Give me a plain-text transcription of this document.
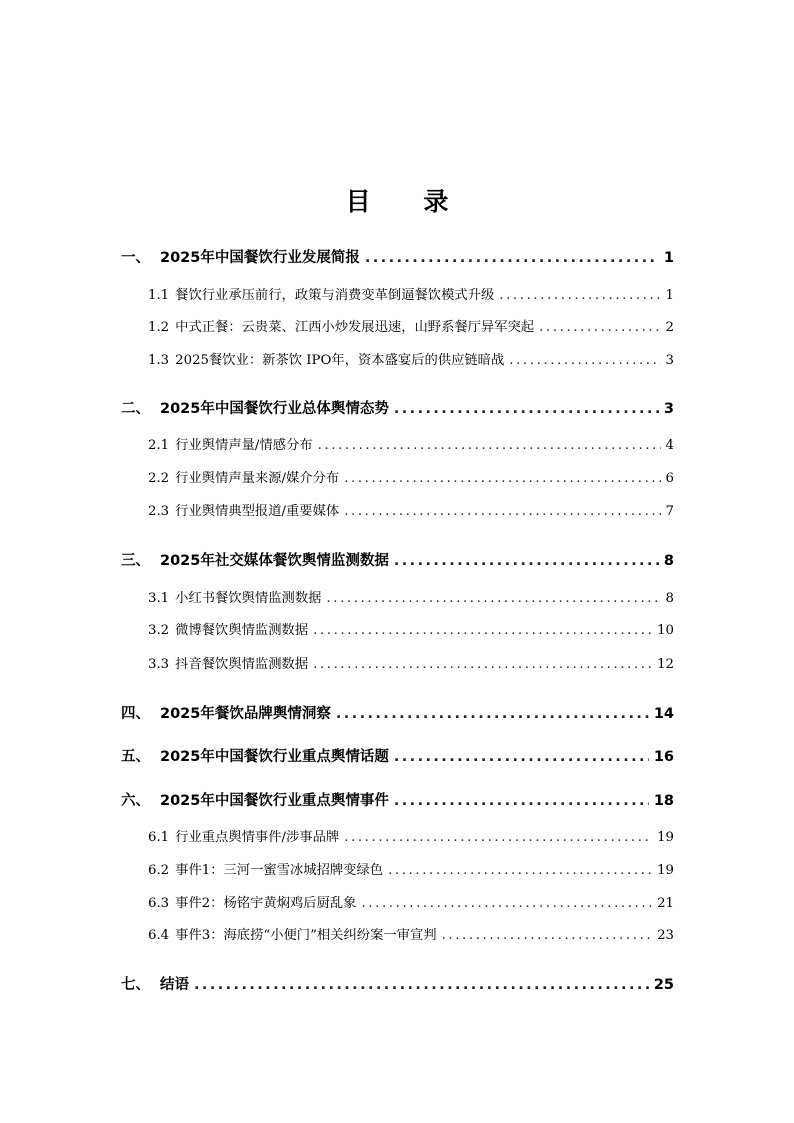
目 录
一、 2025年中国餐饮行业发展简报 .....	1
1.1 餐饮行业承压前行，政策与消费变革倒逼餐饮模式升级 .....	1
1.2 中式正餐：云贵菜、江西小炒发展迅速，山野系餐厅异军突起 .....	2
1.3 2025餐饮业：新茶饮 IPO年，资本盛宴后的供应链暗战 .....	3
二、 2025年中国餐饮行业总体舆情态势 .....	3
2.1 行业舆情声量/情感分布 .....	4
2.2 行业舆情声量来源/媒介分布 .....	6
2.3 行业舆情典型报道/重要媒体 .....	7
三、 2025年社交媒体餐饮舆情监测数据 .....	8
3.1 小红书餐饮舆情监测数据 .....	8
3.2 微博餐饮舆情监测数据 .....	10
3.3 抖音餐饮舆情监测数据 .....	12
四、 2025年餐饮品牌舆情洞察 .....	14
五、 2025年中国餐饮行业重点舆情话题 .....	16
六、 2025年中国餐饮行业重点舆情事件 .....	18
6.1 行业重点舆情事件/涉事品牌 .....	19
6.2 事件1：三河一蜜雪冰城招牌变绿色 .....	19
6.3 事件2：杨铭宇黄焖鸡后厨乱象 .....	21
6.4 事件3：海底捞“小便门”相关纠纷案一审宣判 .....	23
七、 结语 .....	25
